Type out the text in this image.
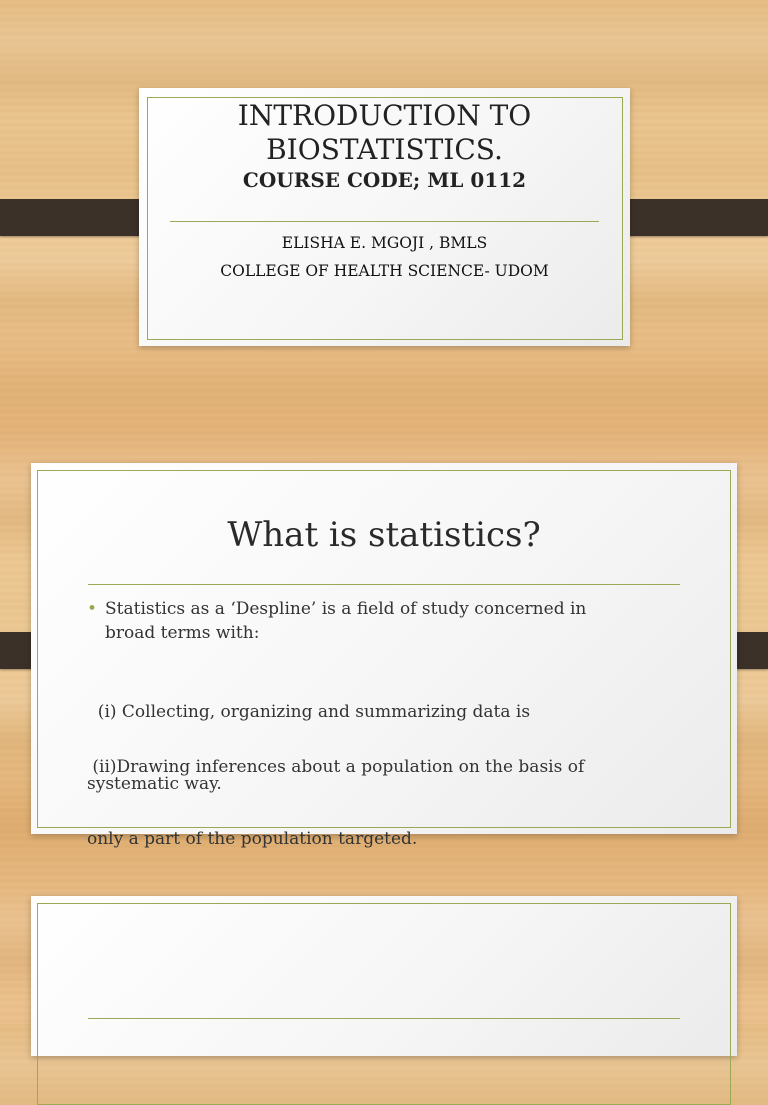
INTRODUCTION TO
BIOSTATISTICS.
COURSE CODE; ML 0112
ELISHA E. MGOJI , BMLS
COLLEGE OF HEALTH SCIENCE- UDOM
What is statistics?
• Statistics as a ‘Despline’ is a field of study concerned in
broad terms with:

(i) Collecting, organizing and summarizing data is

systematic way.

(ii)Drawing inferences about a population on the basis of

only a part of the population targeted.
